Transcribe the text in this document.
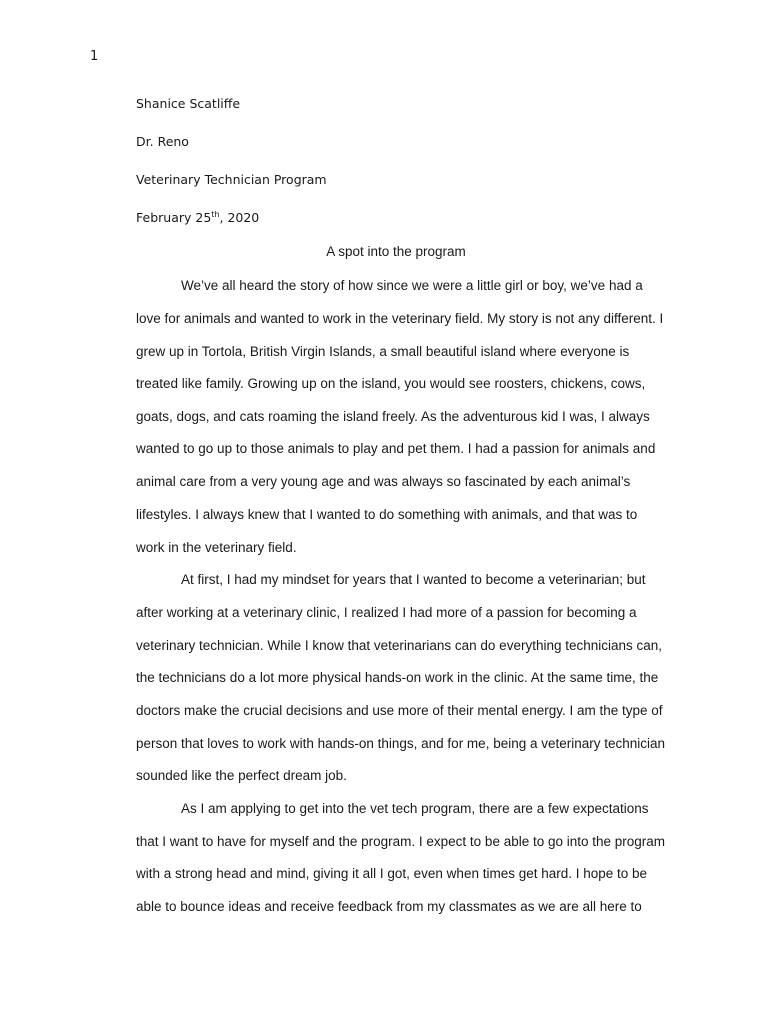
1
Shanice Scatliffe
Dr. Reno
Veterinary Technician Program
February 25th, 2020
A spot into the program
We’ve all heard the story of how since we were a little girl or boy, we’ve had a
love for animals and wanted to work in the veterinary field. My story is not any different. I
grew up in Tortola, British Virgin Islands, a small beautiful island where everyone is
treated like family. Growing up on the island, you would see roosters, chickens, cows,
goats, dogs, and cats roaming the island freely. As the adventurous kid I was, I always
wanted to go up to those animals to play and pet them. I had a passion for animals and
animal care from a very young age and was always so fascinated by each animal’s
lifestyles. I always knew that I wanted to do something with animals, and that was to
work in the veterinary field.
At first, I had my mindset for years that I wanted to become a veterinarian; but
after working at a veterinary clinic, I realized I had more of a passion for becoming a
veterinary technician. While I know that veterinarians can do everything technicians can,
the technicians do a lot more physical hands-on work in the clinic. At the same time, the
doctors make the crucial decisions and use more of their mental energy. I am the type of
person that loves to work with hands-on things, and for me, being a veterinary technician
sounded like the perfect dream job.
As I am applying to get into the vet tech program, there are a few expectations
that I want to have for myself and the program. I expect to be able to go into the program
with a strong head and mind, giving it all I got, even when times get hard. I hope to be
able to bounce ideas and receive feedback from my classmates as we are all here to
